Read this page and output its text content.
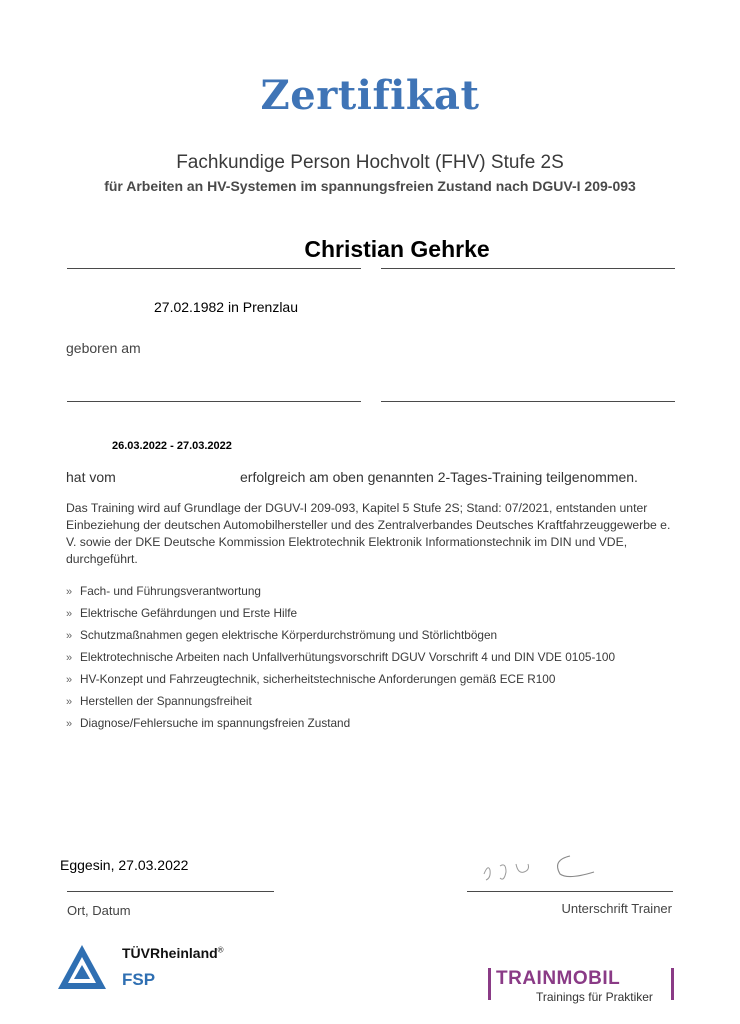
Zertifikat
Fachkundige Person Hochvolt (FHV) Stufe 2S
für Arbeiten an HV-Systemen im spannungsfreien Zustand nach DGUV-I 209-093
Christian Gehrke
27.02.1982 in Prenzlau
geboren am
26.03.2022 - 27.03.2022
hat vom	erfolgreich am oben genannten 2-Tages-Training teilgenommen.
Das Training wird auf Grundlage der DGUV-I 209-093, Kapitel 5 Stufe 2S; Stand: 07/2021, entstanden unter Einbeziehung der deutschen Automobilhersteller und des Zentralverbandes Deutsches Kraftfahrzeuggewerbe e. V. sowie der DKE Deutsche Kommission Elektrotechnik Elektronik Informationstechnik im DIN und VDE, durchgeführt.
» Fach- und Führungsverantwortung
» Elektrische Gefährdungen und Erste Hilfe
» Schutzmaßnahmen gegen elektrische Körperdurchströmung und Störlichtbögen
» Elektrotechnische Arbeiten nach Unfallverhütungsvorschrift DGUV Vorschrift 4 und DIN VDE 0105-100
» HV-Konzept und Fahrzeugtechnik, sicherheitstechnische Anforderungen gemäß ECE R100
» Herstellen der Spannungsfreiheit
» Diagnose/Fehlersuche im spannungsfreien Zustand
Eggesin, 27.03.2022
Ort, Datum	Unterschrift Trainer
TÜVRheinland®
FSP	TRAINMOBIL
Trainings für Praktiker
